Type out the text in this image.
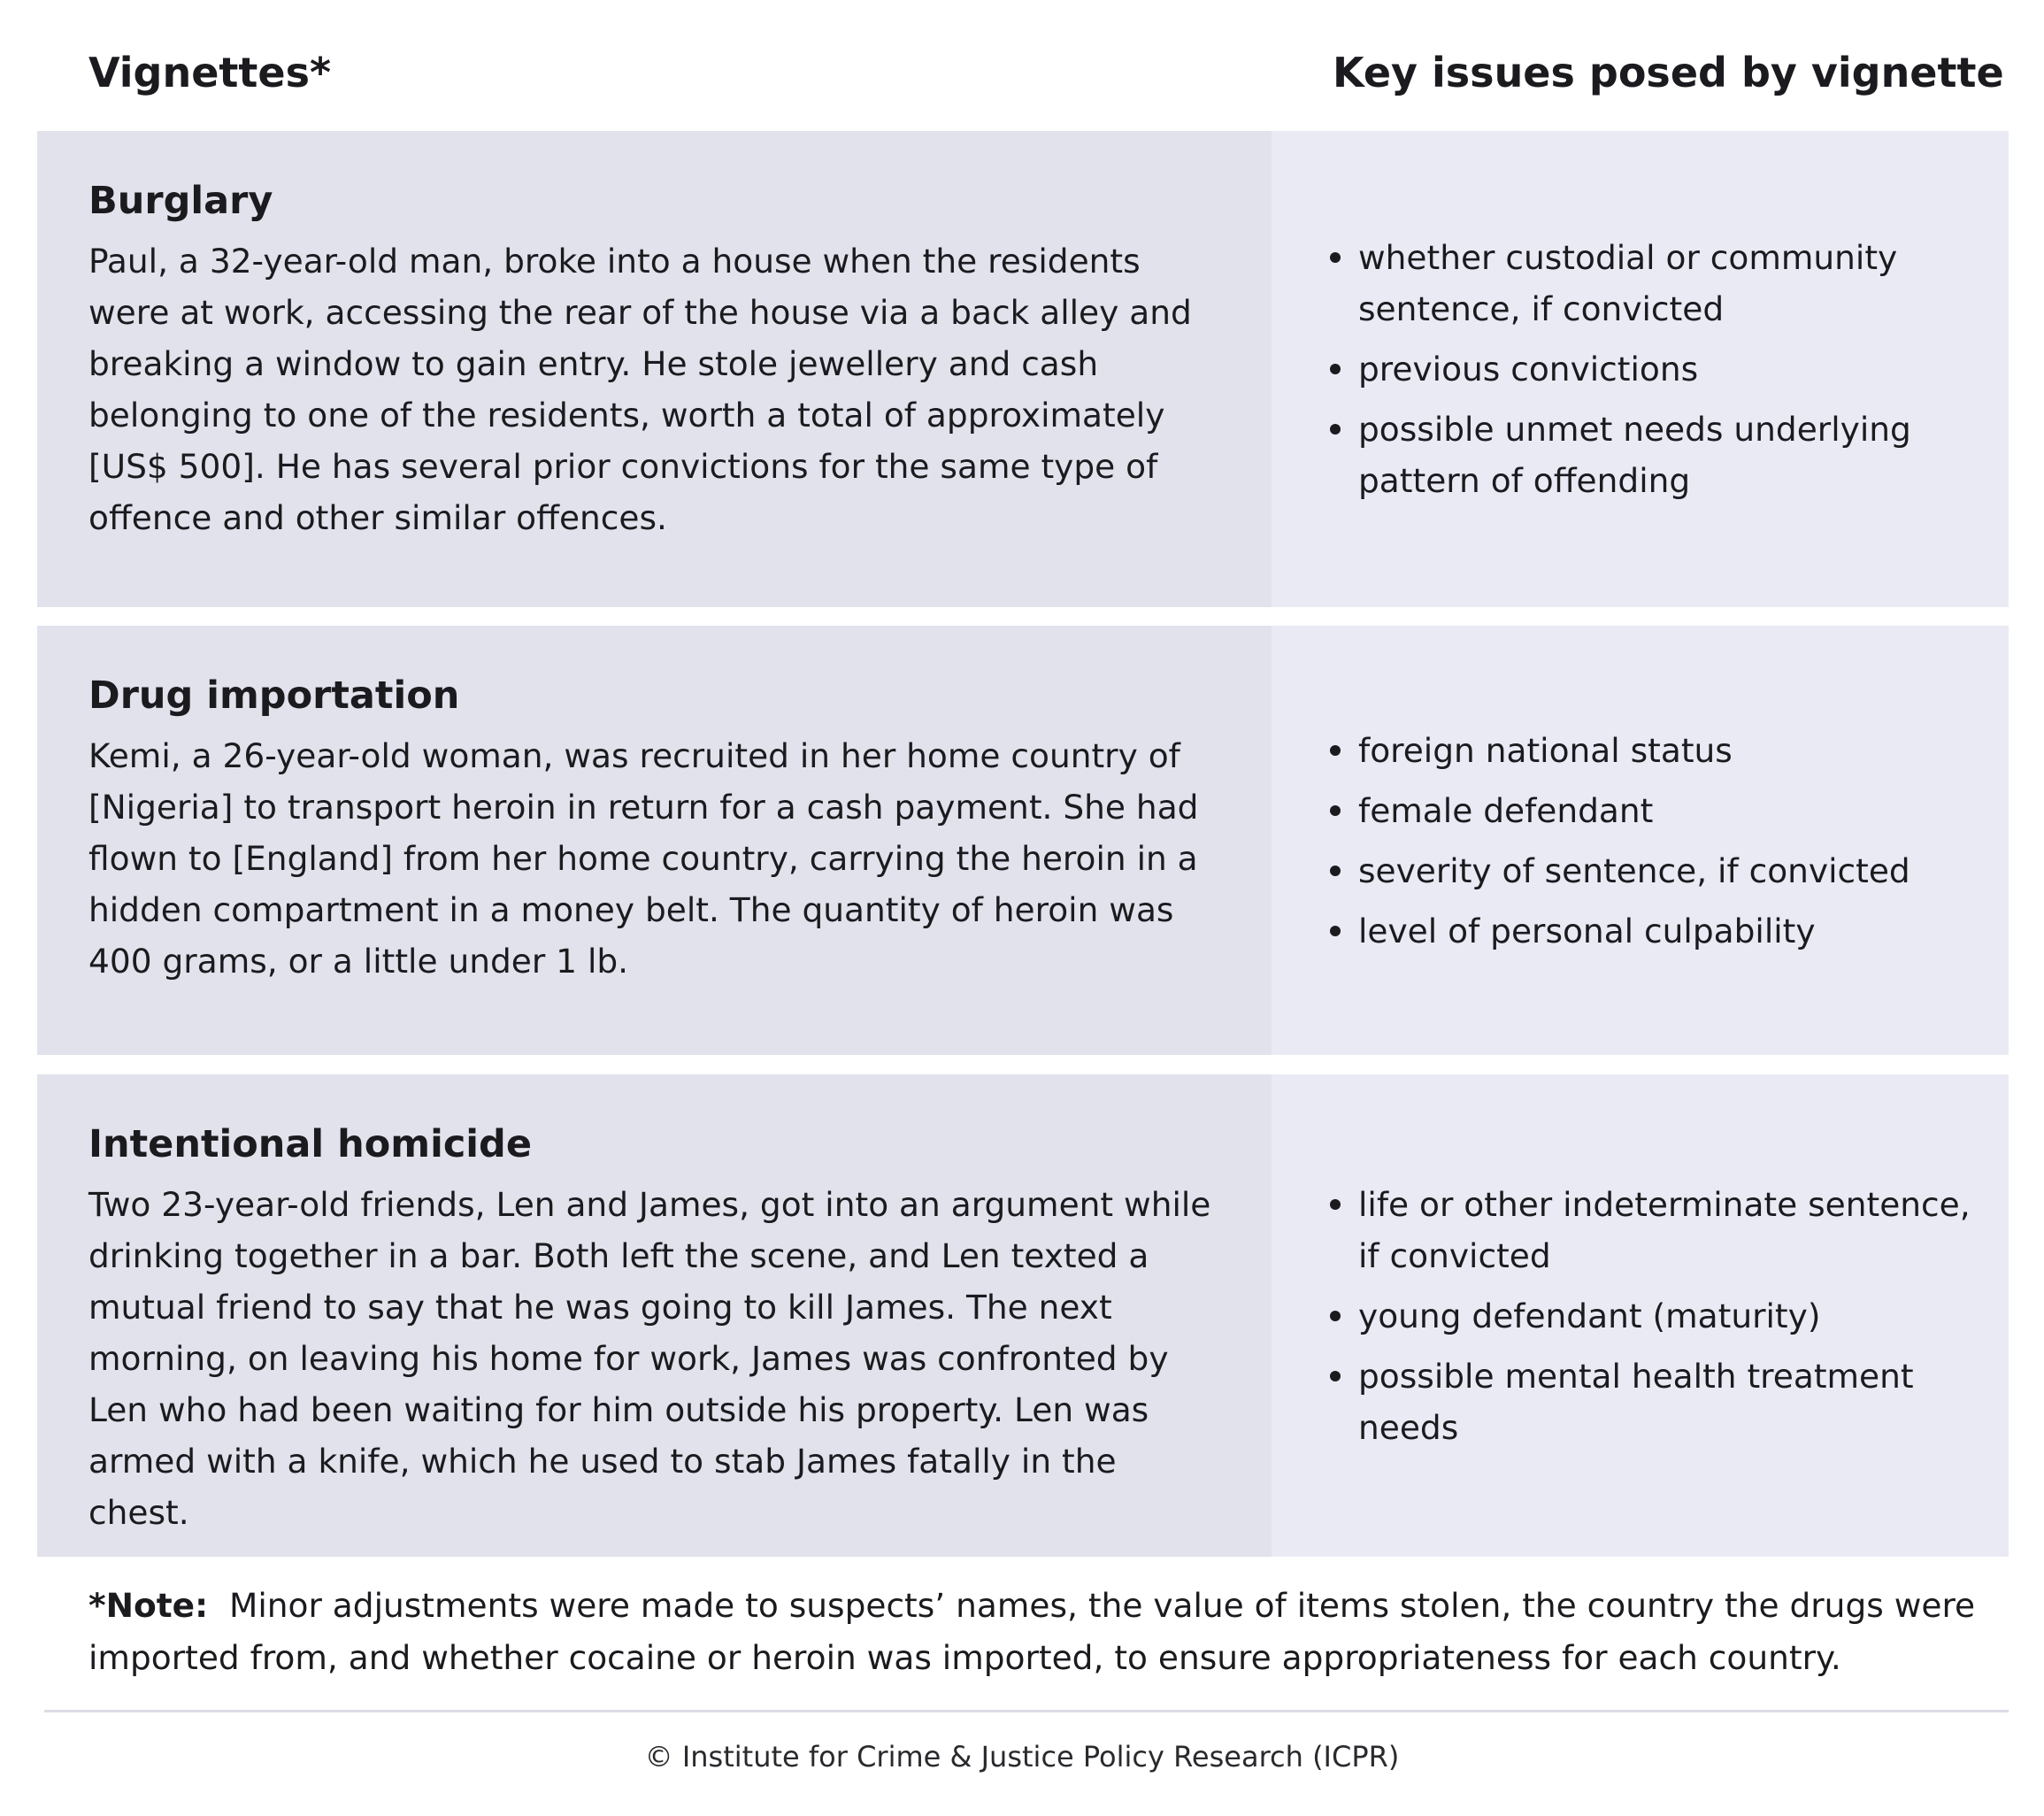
Vignettes*	Key issues posed by vignette
Burglary

Paul, a 32-year-old man, broke into a house when the residents were at work, accessing the rear of the house via a back alley and breaking a window to gain entry. He stole jewellery and cash belonging to one of the residents, worth a total of approximately [US$ 500]. He has several prior convictions for the same type of offence and other similar offences.

whether custodial or community sentence, if convicted
previous convictions
possible unmet needs underlying pattern of offending
Drug importation

Kemi, a 26-year-old woman, was recruited in her home country of [Nigeria] to transport heroin in return for a cash payment. She had flown to [England] from her home country, carrying the heroin in a hidden compartment in a money belt. The quantity of heroin was 400 grams, or a little under 1 lb.

foreign national status
female defendant
severity of sentence, if convicted
level of personal culpability
Intentional homicide

Two 23-year-old friends, Len and James, got into an argument while drinking together in a bar. Both left the scene, and Len texted a mutual friend to say that he was going to kill James. The next morning, on leaving his home for work, James was confronted by Len who had been waiting for him outside his property. Len was armed with a knife, which he used to stab James fatally in the chest.

life or other indeterminate sentence, if convicted
young defendant (maturity)
possible mental health treatment needs
*Note: Minor adjustments were made to suspects’ names, the value of items stolen, the country the drugs were imported from, and whether cocaine or heroin was imported, to ensure appropriateness for each country.
© Institute for Crime & Justice Policy Research (ICPR)
